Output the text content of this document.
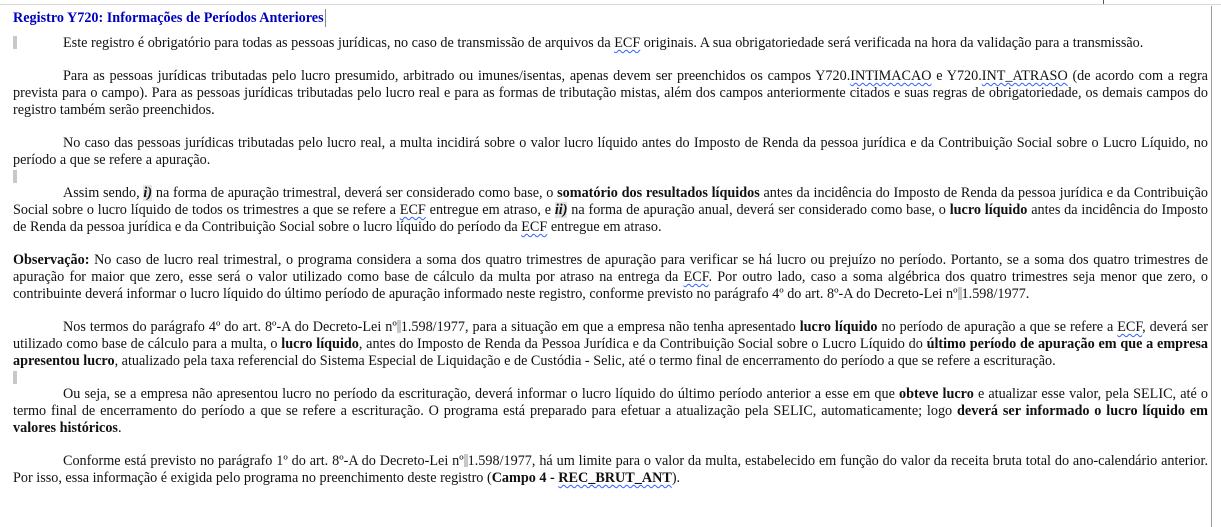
Registro Y720: Informações de Períodos Anteriores

Este registro é obrigatório para todas as pessoas jurídicas, no caso de transmissão de arquivos da ECF originais. A sua obrigatoriedade será verificada na hora da validação para a transmissão.

Para as pessoas jurídicas tributadas pelo lucro presumido, arbitrado ou imunes/isentas, apenas devem ser preenchidos os campos Y720.INTIMACAO e Y720.INT_ATRASO (de acordo com a regra prevista para o campo). Para as pessoas jurídicas tributadas pelo lucro real e para as formas de tributação mistas, além dos campos anteriormente citados e suas regras de obrigatoriedade, os demais campos do registro também serão preenchidos.

No caso das pessoas jurídicas tributadas pelo lucro real, a multa incidirá sobre o valor lucro líquido antes do Imposto de Renda da pessoa jurídica e da Contribuição Social sobre o Lucro Líquido, no período a que se refere a apuração.

Assim sendo, i) na forma de apuração trimestral, deverá ser considerado como base, o somatório dos resultados líquidos antes da incidência do Imposto de Renda da pessoa jurídica e da Contribuição Social sobre o lucro líquido de todos os trimestres a que se refere a ECF entregue em atraso, e ii) na forma de apuração anual, deverá ser considerado como base, o lucro líquido antes da incidência do Imposto de Renda da pessoa jurídica e da Contribuição Social sobre o lucro líquido do período da ECF entregue em atraso.

Observação: No caso de lucro real trimestral, o programa considera a soma dos quatro trimestres de apuração para verificar se há lucro ou prejuízo no período. Portanto, se a soma dos quatro trimestres de apuração for maior que zero, esse será o valor utilizado como base de cálculo da multa por atraso na entrega da ECF. Por outro lado, caso a soma algébrica dos quatro trimestres seja menor que zero, o contribuinte deverá informar o lucro líquido do último período de apuração informado neste registro, conforme previsto no parágrafo 4º do art. 8º-A do Decreto-Lei nº 1.598/1977.

Nos termos do parágrafo 4º do art. 8º-A do Decreto-Lei nº 1.598/1977, para a situação em que a empresa não tenha apresentado lucro líquido no período de apuração a que se refere a ECF, deverá ser utilizado como base de cálculo para a multa, o lucro líquido, antes do Imposto de Renda da Pessoa Jurídica e da Contribuição Social sobre o Lucro Líquido do último período de apuração em que a empresa apresentou lucro, atualizado pela taxa referencial do Sistema Especial de Liquidação e de Custódia - Selic, até o termo final de encerramento do período a que se refere a escrituração.

Ou seja, se a empresa não apresentou lucro no período da escrituração, deverá informar o lucro líquido do último período anterior a esse em que obteve lucro e atualizar esse valor, pela SELIC, até o termo final de encerramento do período a que se refere a escrituração. O programa está preparado para efetuar a atualização pela SELIC, automaticamente; logo deverá ser informado o lucro líquido em valores históricos.

Conforme está previsto no parágrafo 1º do art. 8º-A do Decreto-Lei nº 1.598/1977, há um limite para o valor da multa, estabelecido em função do valor da receita bruta total do ano-calendário anterior. Por isso, essa informação é exigida pelo programa no preenchimento deste registro (Campo 4 - REC_BRUT_ANT).
